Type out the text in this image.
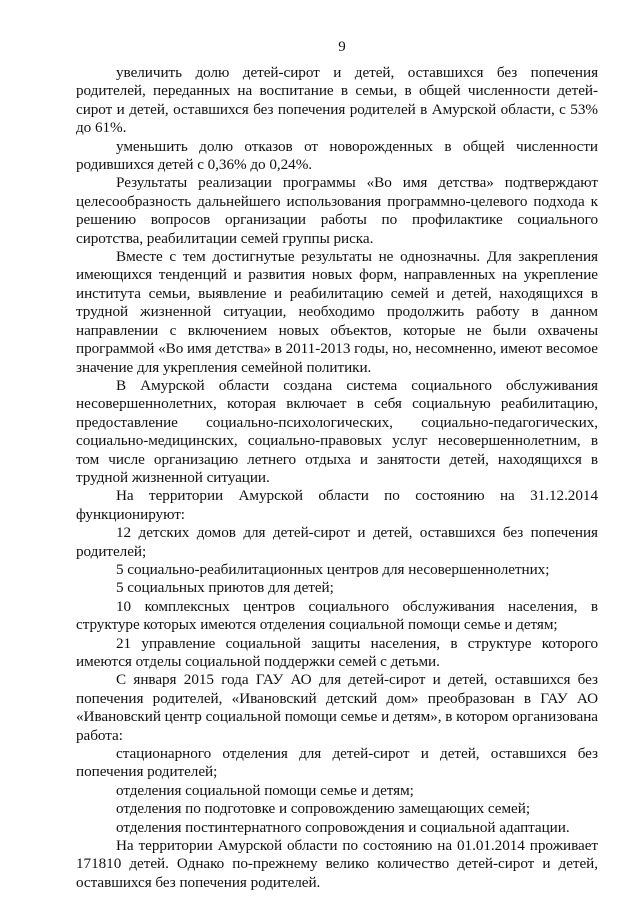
9

увеличить долю детей-сирот и детей, оставшихся без попечения родителей, переданных на воспитание в семьи, в общей численности детей-сирот и детей, оставшихся без попечения родителей в Амурской области, с 53% до 61%.

уменьшить долю отказов от новорожденных в общей численности родившихся детей с 0,36% до 0,24%.

Результаты реализации программы «Во имя детства» подтверждают целесообразность дальнейшего использования программно-целевого подхода к решению вопросов организации работы по профилактике социального сиротства, реабилитации семей группы риска.

Вместе с тем достигнутые результаты не однозначны. Для закрепления имеющихся тенденций и развития новых форм, направленных на укрепление института семьи, выявление и реабилитацию семей и детей, находящихся в трудной жизненной ситуации, необходимо продолжить работу в данном направлении с включением новых объектов, которые не были охвачены программой «Во имя детства» в 2011-2013 годы, но, несомненно, имеют весомое значение для укрепления семейной политики.

В Амурской области создана система социального обслуживания несовершеннолетних, которая включает в себя социальную реабилитацию, предоставление социально-психологических, социально-педагогических, социально-медицинских, социально-правовых услуг несовершеннолетним, в том числе организацию летнего отдыха и занятости детей, находящихся в трудной жизненной ситуации.

На территории Амурской области по состоянию на 31.12.2014 функционируют:

12 детских домов для детей-сирот и детей, оставшихся без попечения родителей;

5 социально-реабилитационных центров для несовершеннолетних;

5 социальных приютов для детей;

10 комплексных центров социального обслуживания населения, в структуре которых имеются отделения социальной помощи семье и детям;

21 управление социальной защиты населения, в структуре которого имеются отделы социальной поддержки семей с детьми.

С января 2015 года ГАУ АО для детей-сирот и детей, оставшихся без попечения родителей, «Ивановский детский дом» преобразован в ГАУ АО «Ивановский центр социальной помощи семье и детям», в котором организована работа:

стационарного отделения для детей-сирот и детей, оставшихся без попечения родителей;

отделения социальной помощи семье и детям;

отделения по подготовке и сопровождению замещающих семей;

отделения постинтернатного сопровождения и социальной адаптации.

На территории Амурской области по состоянию на 01.01.2014 проживает 171810 детей. Однако по-прежнему велико количество детей-сирот и детей, оставшихся без попечения родителей.
